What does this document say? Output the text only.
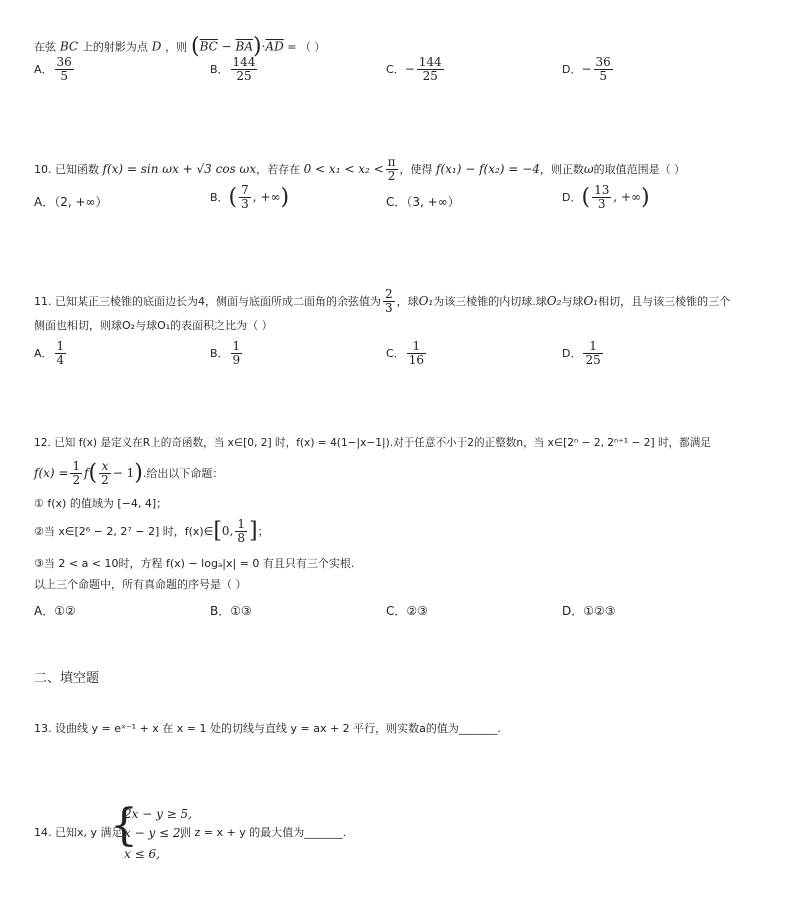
在弦 BC 上的射影为点 D ，则 $(\overline{BC} - \overline{BA})\cdot\overline{AD}$ = （ ）
A． $\frac{36}{5}$	B． $\frac{144}{25}$	C．− $\frac{144}{25}$	D．− $\frac{36}{5}$
10. 已知函数 f(x) = sin ωx + √3 cos ωx，若存在 $0 < x_1 < x_2 < \frac{\pi}{2}$ ，使得 f(x₁) − f(x₂) = −4，则正数ω的取值范围是（ ）
A．（2, +∞）	B．( $\frac{7}{3}$ , +∞)	C．（3, +∞）	D．( $\frac{13}{3}$ , +∞)
11. 已知某正三棱锥的底面边长为4，侧面与底面所成二面角的余弦值为 $\frac{2}{3}$ ，球O₁为该三棱锥的内切球.球O₂与球O₁相切，且与该三棱锥的三个
侧面也相切，则球O₂与球O₁的表面积之比为（ ）
A． $\frac{1}{4}$	B． $\frac{1}{9}$	C． $\frac{1}{16}$	D． $\frac{1}{25}$
12. 已知 f(x) 是定义在R上的奇函数，当 x∈[0, 2] 时，f(x) = 4(1−|x−1|).对于任意不小于2的正整数n，当 x∈[2ⁿ − 2, 2ⁿ⁺¹ − 2] 时，都满足
$f(x) = \frac{1}{2} f( \frac{x}{2} - 1)$.给出以下命题：
① f(x) 的值域为 [−4, 4]；
②当 x∈[2⁶ − 2, 2⁷ − 2] 时，f(x)∈[0, $\frac{1}{8}$ ]；
③当 2 < a < 10时，方程 f(x) − logₐ|x| = 0 有且只有三个实根.
以上三个命题中，所有真命题的序号是（ ）
A．①②	B．①③	C．②③	D．①②③
二、填空题
13. 设曲线 y = eˣ⁻¹ + x 在 x = 1 处的切线与直线 y = ax + 2 平行，则实数a的值为_______.
14. 已知x, y 满足
{
2x − y ≥ 5,
x − y ≤ 2,
x ≤ 6,
则 z = x + y 的最大值为_______.
